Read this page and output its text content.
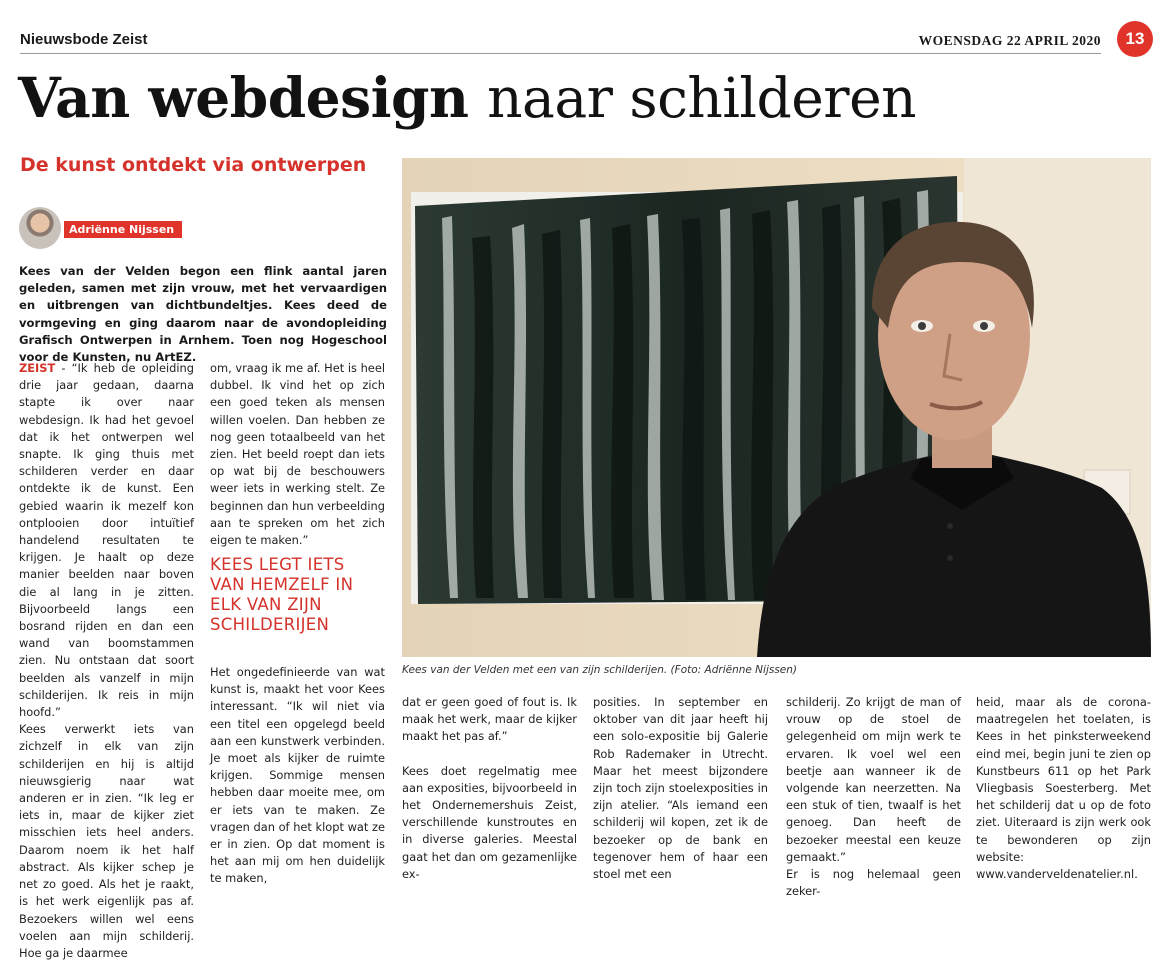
Nieuwsbode Zeist	WOENSDAG 22 APRIL 2020	13
Van webdesign naar schilderen
De kunst ontdekt via ontwerpen
Adriënne Nijssen

Kees van der Velden begon een flink aantal jaren geleden, samen met zijn vrouw, met het vervaardigen en uitbrengen van dichtbundeltjes. Kees deed de vormgeving en ging daarom naar de avondopleiding Grafisch Ontwerpen in Arnhem. Toen nog Hogeschool voor de Kunsten, nu ArtEZ.

ZEIST - “Ik heb de opleiding drie jaar gedaan, daarna stapte ik over naar webdesign. Ik had het gevoel dat ik het ontwerpen wel snapte. Ik ging thuis met schilderen verder en daar ontdekte ik de kunst. Een gebied waarin ik mezelf kon ontplooien door intuïtief handelend resultaten te krijgen. Je haalt op deze manier beelden naar boven die al lang in je zitten. Bijvoorbeeld langs een bosrand rijden en dan een wand van boomstammen zien. Nu ontstaan dat soort beelden als vanzelf in mijn schilderijen. Ik reis in mijn hoofd.”

Kees verwerkt iets van zichzelf in elk van zijn schilderijen en hij is altijd nieuwsgierig naar wat anderen er in zien. “Ik leg er iets in, maar de kijker ziet misschien iets heel anders. Daarom noem ik het half abstract. Als kijker schep je net zo goed. Als het je raakt, is het werk eigenlijk pas af. Bezoekers willen wel eens voelen aan mijn schilderij. Hoe ga je daarmee

om, vraag ik me af. Het is heel dubbel. Ik vind het op zich een goed teken als mensen willen voelen. Dan hebben ze nog geen totaalbeeld van het zien. Het beeld roept dan iets op wat bij de beschouwers weer iets in werking stelt. Ze beginnen dan hun verbeelding aan te spreken om het zich eigen te maken.”

KEES LEGT IETS VAN HEMZELF IN ELK VAN ZIJN SCHILDERIJEN

Het ongedefinieerde van wat kunst is, maakt het voor Kees interessant. “Ik wil niet via een titel een opgelegd beeld aan een kunstwerk verbinden. Je moet als kijker de ruimte krijgen. Sommige mensen hebben daar moeite mee, om er iets van te maken. Ze vragen dan of het klopt wat ze er in zien. Op dat moment is het aan mij om hen duidelijk te maken,

Kees van der Velden met een van zijn schilderijen. (Foto: Adriënne Nijssen)

dat er geen goed of fout is. Ik maak het werk, maar de kijker maakt het pas af.”

Kees doet regelmatig mee aan exposities, bijvoorbeeld in het Ondernemershuis Zeist, verschillende kunstroutes en in diverse galeries. Meestal gaat het dan om gezamenlijke ex-

posities. In september en oktober van dit jaar heeft hij een solo-expositie bij Galerie Rob Rademaker in Utrecht. Maar het meest bijzondere zijn toch zijn stoelexposities in zijn atelier. “Als iemand een schilderij wil kopen, zet ik de bezoeker op de bank en tegenover hem of haar een stoel met een

schilderij. Zo krijgt de man of vrouw op de stoel de gelegenheid om mijn werk te ervaren. Ik voel wel een beetje aan wanneer ik de volgende kan neerzetten. Na een stuk of tien, twaalf is het genoeg. Dan heeft de bezoeker meestal een keuze gemaakt.”

Er is nog helemaal geen zeker-

heid, maar als de corona-maatregelen het toelaten, is Kees in het pinksterweekend eind mei, begin juni te zien op Kunstbeurs 611 op het Park Vliegbasis Soesterberg. Met het schilderij dat u op de foto ziet. Uiteraard is zijn werk ook te bewonderen op zijn website:

www.vanderveldenatelier.nl.
